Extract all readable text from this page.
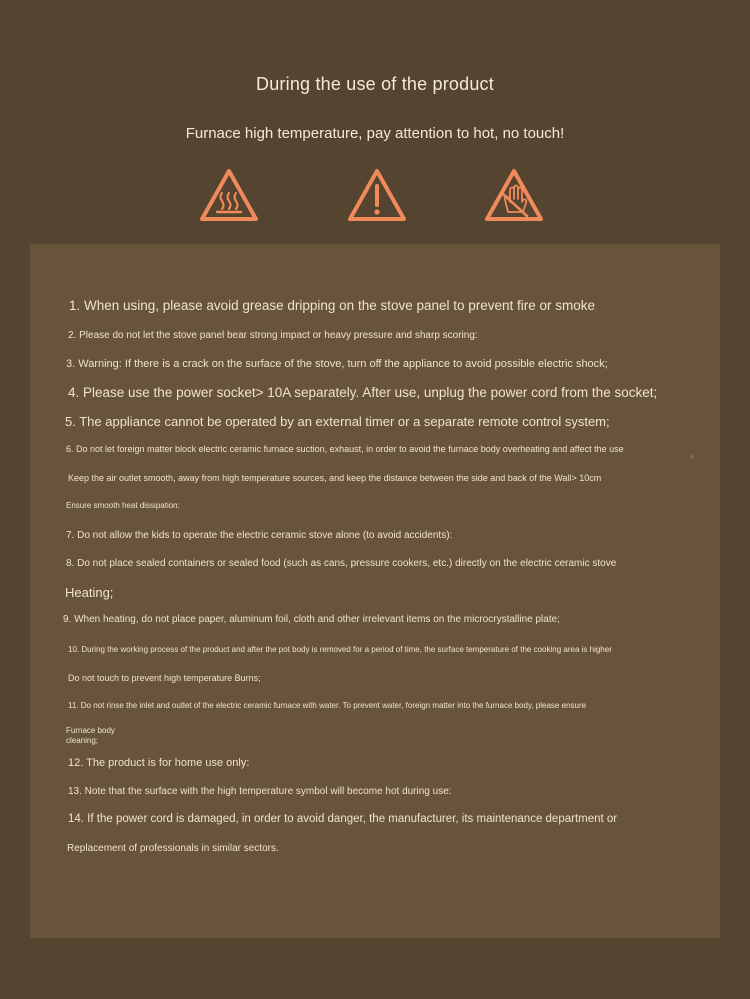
During the use of the product
Furnace high temperature, pay attention to hot, no touch!
1. When using, please avoid grease dripping on the stove panel to prevent fire or smoke
2. Please do not let the stove panel bear strong impact or heavy pressure and sharp scoring:
3. Warning: If there is a crack on the surface of the stove, turn off the appliance to avoid possible electric shock;
4. Please use the power socket> 10A separately. After use, unplug the power cord from the socket;
5. The appliance cannot be operated by an external timer or a separate remote control system;
6. Do not let foreign matter block electric ceramic furnace suction, exhaust, in order to avoid the furnace body overheating and affect the use
Keep the air outlet smooth, away from high temperature sources, and keep the distance between the side and back of the Wall> 10cm
Ensure smooth heat dissipation:
7. Do not allow the kids to operate the electric ceramic stove alone (to avoid accidents):
8. Do not place sealed containers or sealed food (such as cans, pressure cookers, etc.) directly on the electric ceramic stove
Heating;
9. When heating, do not place paper, aluminum foil, cloth and other irrelevant items on the microcrystalline plate;
10. During the working process of the product and after the pot body is removed for a period of time, the surface temperature of the cooking area is higher
Do not touch to prevent high temperature Burns;
11. Do not rinse the inlet and outlet of the electric ceramic furnace with water. To prevent water, foreign matter into the furnace body, please ensure
Furnace body
cleaning;
12. The product is for home use only:
13. Note that the surface with the high temperature symbol will become hot during use:
14. If the power cord is damaged, in order to avoid danger, the manufacturer, its maintenance department or
Replacement of professionals in similar sectors.
›
